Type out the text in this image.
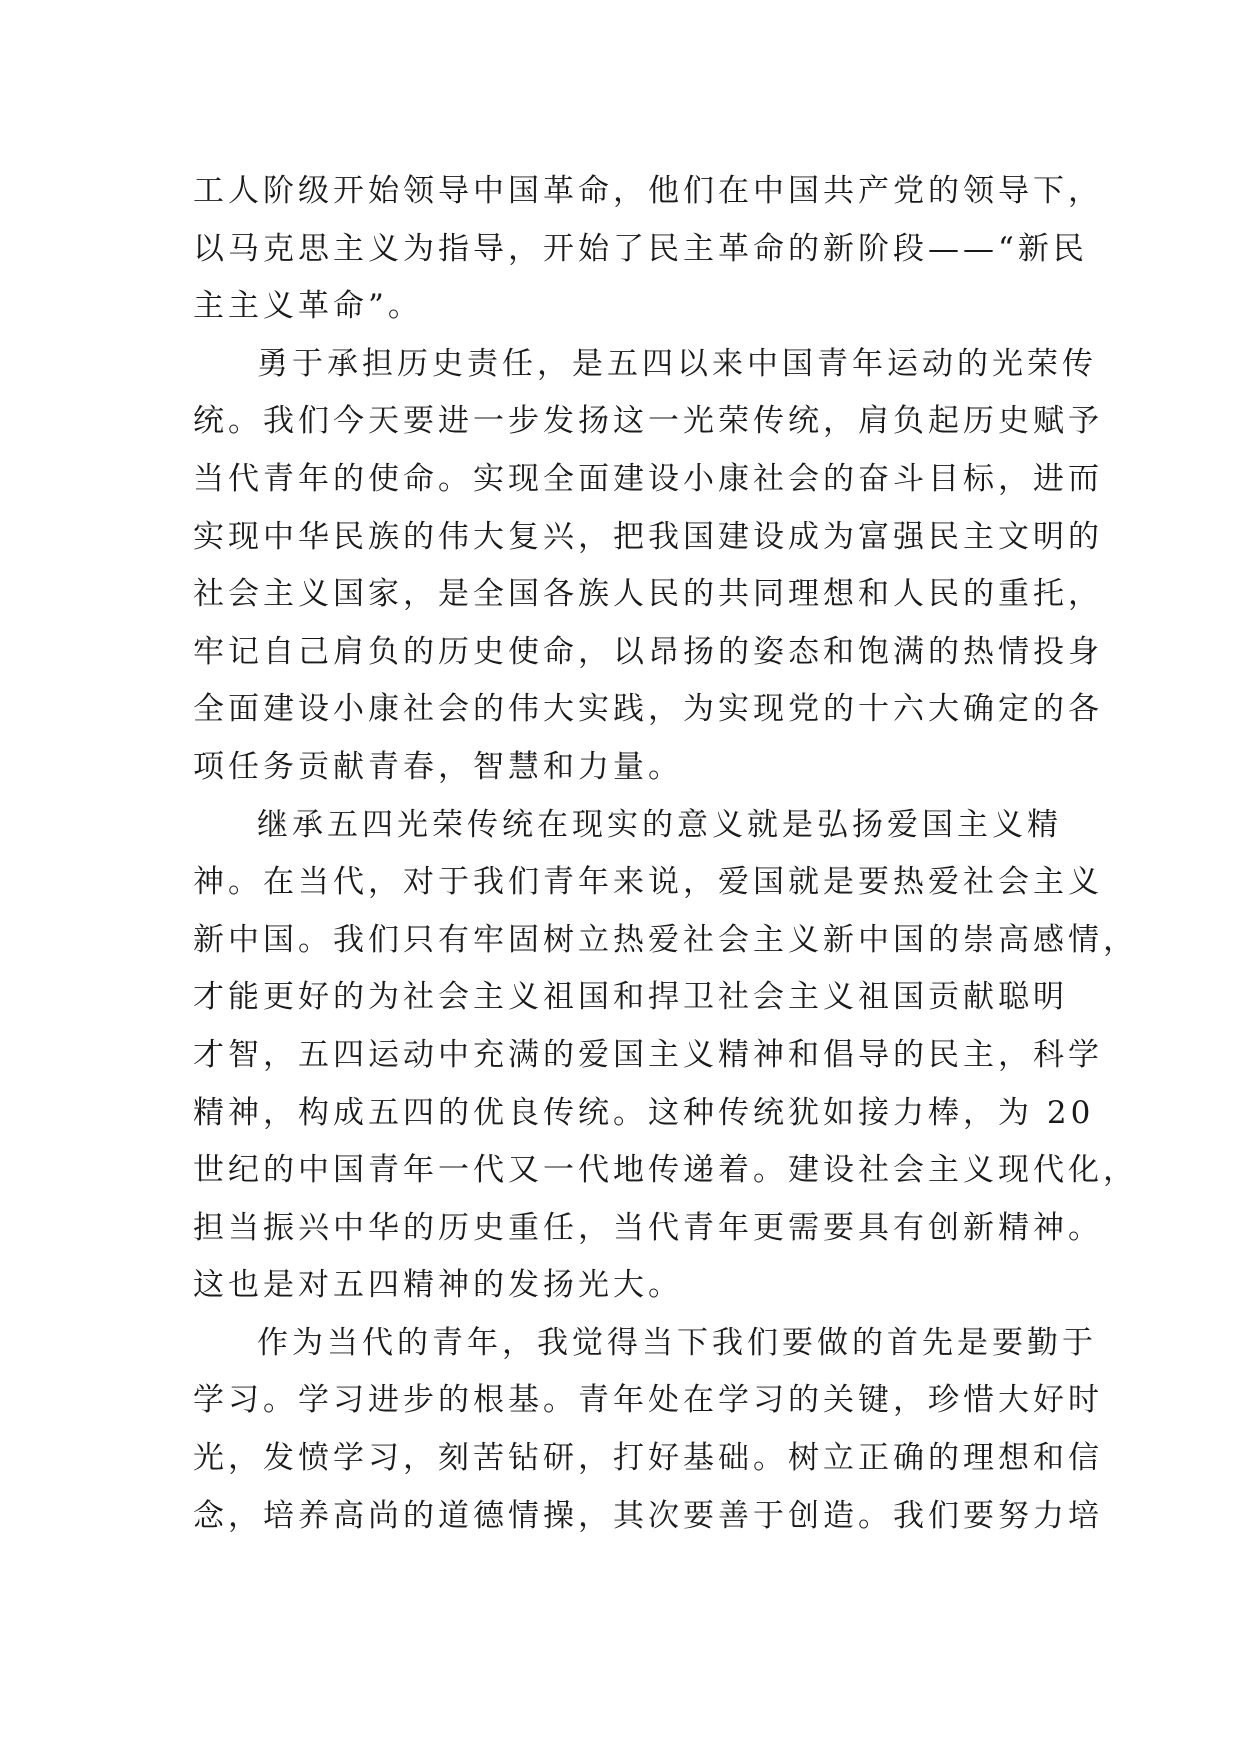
工人阶级开始领导中国革命，他们在中国共产党的领导下，
以马克思主义为指导，开始了民主革命的新阶段——“新民
主主义革命”。
勇于承担历史责任，是五四以来中国青年运动的光荣传
统。我们今天要进一步发扬这一光荣传统，肩负起历史赋予
当代青年的使命。实现全面建设小康社会的奋斗目标，进而
实现中华民族的伟大复兴，把我国建设成为富强民主文明的
社会主义国家，是全国各族人民的共同理想和人民的重托，
牢记自己肩负的历史使命，以昂扬的姿态和饱满的热情投身
全面建设小康社会的伟大实践，为实现党的十六大确定的各
项任务贡献青春，智慧和力量。
继承五四光荣传统在现实的意义就是弘扬爱国主义精
神。在当代，对于我们青年来说，爱国就是要热爱社会主义
新中国。我们只有牢固树立热爱社会主义新中国的崇高感情，
才能更好的为社会主义祖国和捍卫社会主义祖国贡献聪明
才智，五四运动中充满的爱国主义精神和倡导的民主，科学
精神，构成五四的优良传统。这种传统犹如接力棒，为 20
世纪的中国青年一代又一代地传递着。建设社会主义现代化，
担当振兴中华的历史重任，当代青年更需要具有创新精神。
这也是对五四精神的发扬光大。
作为当代的青年，我觉得当下我们要做的首先是要勤于
学习。学习进步的根基。青年处在学习的关键，珍惜大好时
光，发愤学习，刻苦钻研，打好基础。树立正确的理想和信
念，培养高尚的道德情操，其次要善于创造。我们要努力培
